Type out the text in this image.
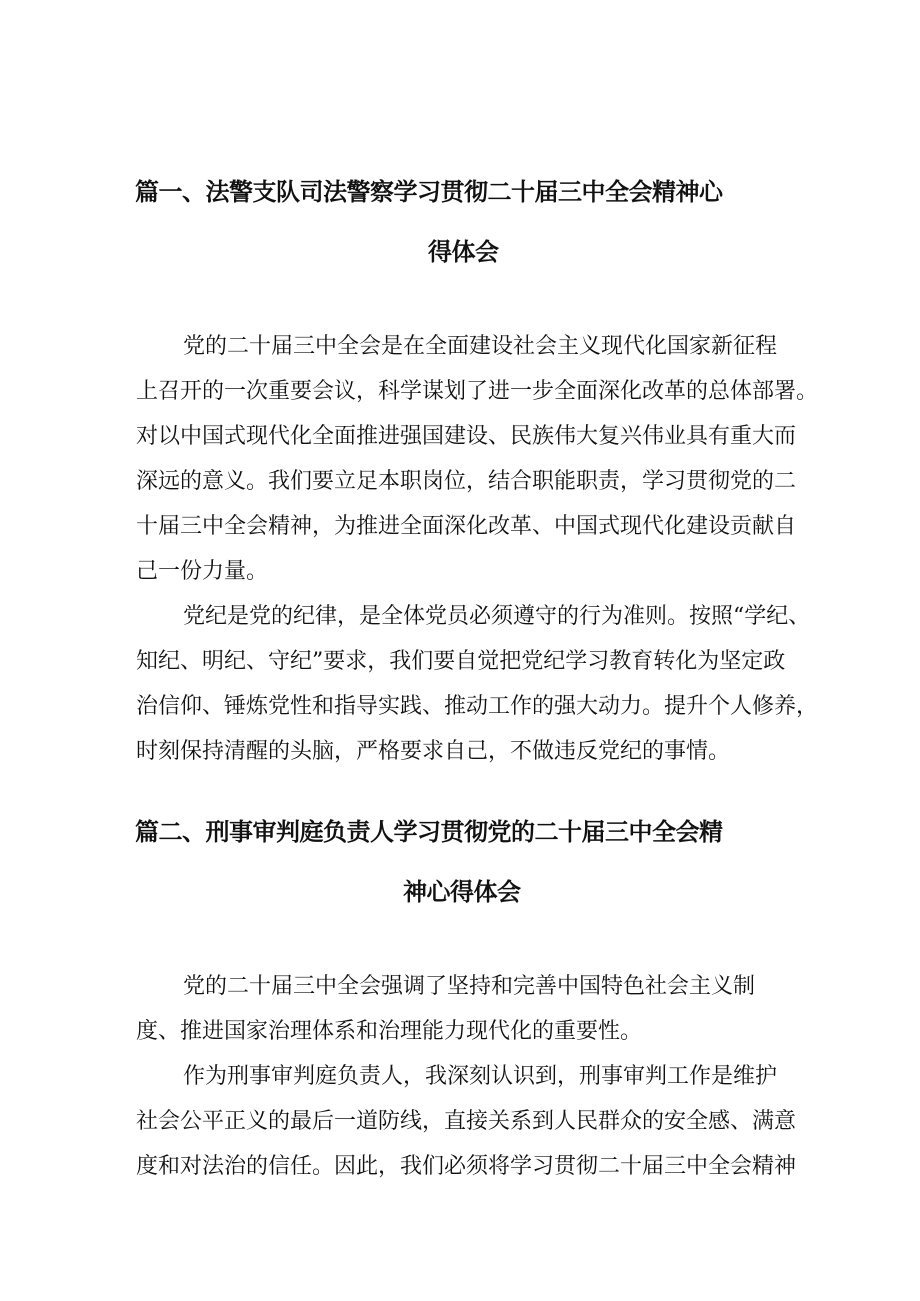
篇一、法警支队司法警察学习贯彻二十届三中全会精神心
得体会
党的二十届三中全会是在全面建设社会主义现代化国家新征程
上召开的一次重要会议，科学谋划了进一步全面深化改革的总体部署。
对以中国式现代化全面推进强国建设、民族伟大复兴伟业具有重大而
深远的意义。我们要立足本职岗位，结合职能职责，学习贯彻党的二
十届三中全会精神，为推进全面深化改革、中国式现代化建设贡献自
己一份力量。
党纪是党的纪律，是全体党员必须遵守的行为准则。按照“学纪、
知纪、明纪、守纪”要求，我们要自觉把党纪学习教育转化为坚定政
治信仰、锤炼党性和指导实践、推动工作的强大动力。提升个人修养，
时刻保持清醒的头脑，严格要求自己，不做违反党纪的事情。
篇二、刑事审判庭负责人学习贯彻党的二十届三中全会精
神心得体会
党的二十届三中全会强调了坚持和完善中国特色社会主义制
度、推进国家治理体系和治理能力现代化的重要性。
作为刑事审判庭负责人，我深刻认识到，刑事审判工作是维护
社会公平正义的最后一道防线，直接关系到人民群众的安全感、满意
度和对法治的信任。因此，我们必须将学习贯彻二十届三中全会精神
